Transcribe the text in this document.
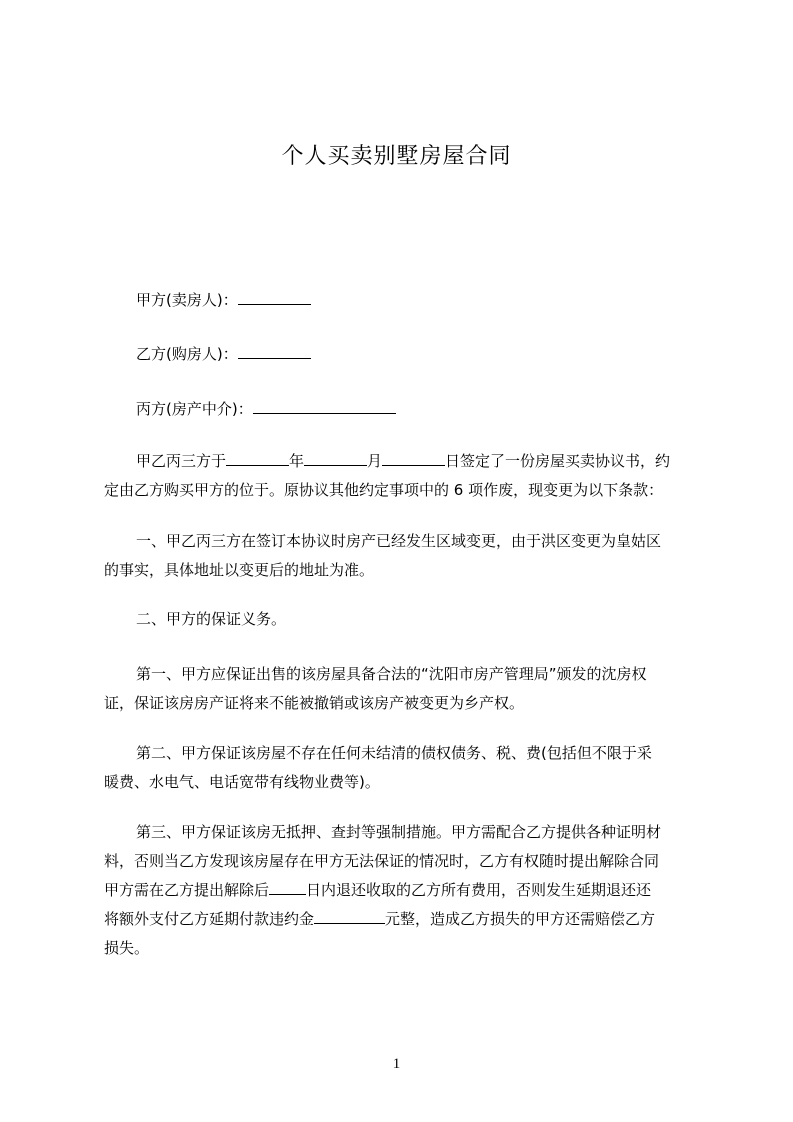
个人买卖别墅房屋合同
甲方(卖房人)：
乙方(购房人)：
丙方(房产中介)：
甲乙丙三方于	年	月	日签定了一份房屋买卖协议书，约
定由乙方购买甲方的位于。原协议其他约定事项中的 6 项作废，现变更为以下条款：
一、甲乙丙三方在签订本协议时房产已经发生区域变更，由于洪区变更为皇姑区
的事实，具体地址以变更后的地址为准。
二、甲方的保证义务。
第一、甲方应保证出售的该房屋具备合法的“沈阳市房产管理局”颁发的沈房权
证，保证该房房产证将来不能被撤销或该房产被变更为乡产权。
第二、甲方保证该房屋不存在任何未结清的债权债务、税、费(包括但不限于采
暖费、水电气、电话宽带有线物业费等)。
第三、甲方保证该房无抵押、查封等强制措施。甲方需配合乙方提供各种证明材
料，否则当乙方发现该房屋存在甲方无法保证的情况时，乙方有权随时提出解除合同
甲方需在乙方提出解除后 日内退还收取的乙方所有费用，否则发生延期退还还
将额外支付乙方延期付款违约金	元整，造成乙方损失的甲方还需赔偿乙方
损失。
1
